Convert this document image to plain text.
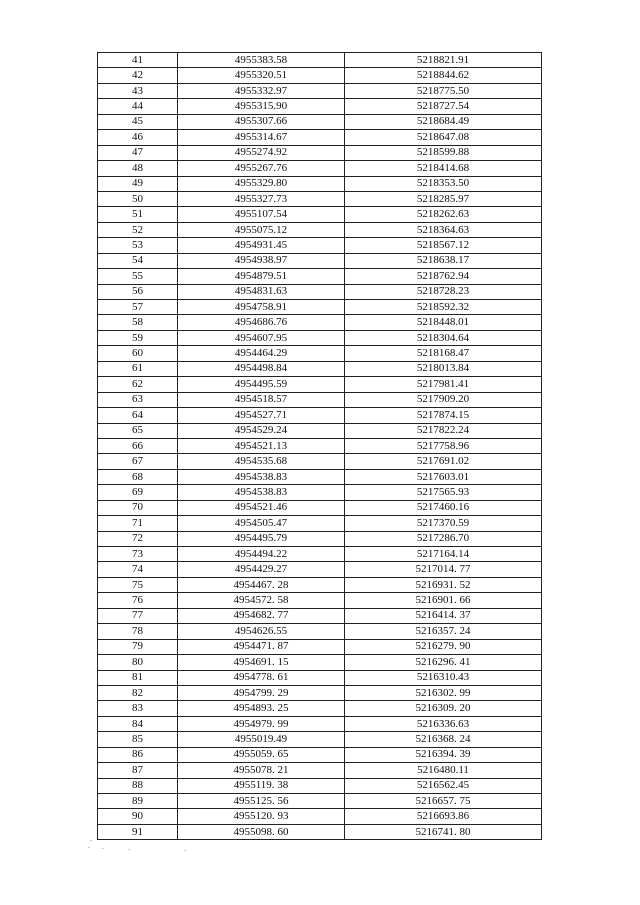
41	4955383.58	5218821.91
42	4955320.51	5218844.62
43	4955332.97	5218775.50
44	4955315.90	5218727.54
45	4955307.66	5218684.49
46	4955314.67	5218647.08
47	4955274.92	5218599.88
48	4955267.76	5218414.68
49	4955329.80	5218353.50
50	4955327.73	5218285.97
51	4955107.54	5218262.63
52	4955075.12	5218364.63
53	4954931.45	5218567.12
54	4954938.97	5218638.17
55	4954879.51	5218762.94
56	4954831.63	5218728.23
57	4954758.91	5218592.32
58	4954686.76	5218448.01
59	4954607.95	5218304.64
60	4954464.29	5218168.47
61	4954498.84	5218013.84
62	4954495.59	5217981.41
63	4954518.57	5217909.20
64	4954527.71	5217874.15
65	4954529.24	5217822.24
66	4954521.13	5217758.96
67	4954535.68	5217691.02
68	4954538.83	5217603.01
69	4954538.83	5217565.93
70	4954521.46	5217460.16
71	4954505.47	5217370.59
72	4954495.79	5217286.70
73	4954494.22	5217164.14
74	4954429.27	5217014. 77
75	4954467. 28	5216931. 52
76	4954572. 58	5216901. 66
77	4954682. 77	5216414. 37
78	4954626.55	5216357. 24
79	4954471. 87	5216279. 90
80	4954691. 15	5216296. 41
81	4954778. 61	5216310.43
82	4954799. 29	5216302. 99
83	4954893. 25	5216309. 20
84	4954979. 99	5216336.63
85	4955019.49	5216368. 24
86	4955059. 65	5216394. 39
87	4955078. 21	5216480.11
88	4955119. 38	5216562.45
89	4955125. 56	5216657. 75
90	4955120. 93	5216693.86
91	4955098. 60	5216741. 80
